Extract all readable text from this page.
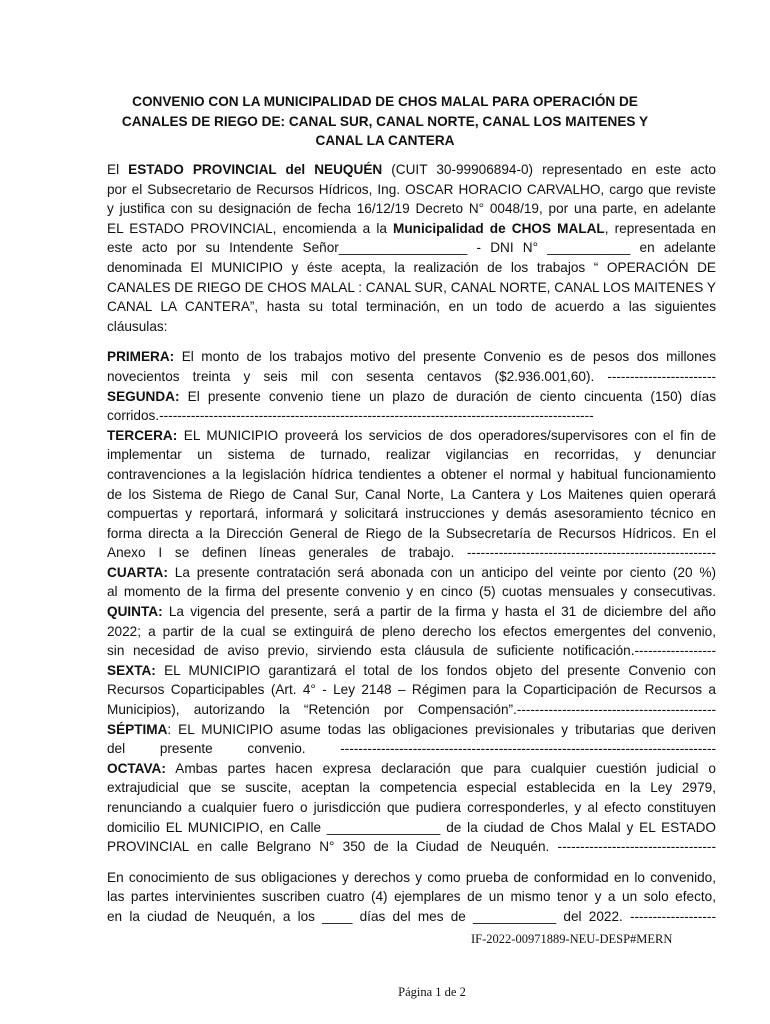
CONVENIO CON LA MUNICIPALIDAD DE CHOS MALAL PARA OPERACIÓN DE
CANALES DE RIEGO DE: CANAL SUR, CANAL NORTE, CANAL LOS MAITENES Y
CANAL LA CANTERA
El ESTADO PROVINCIAL del NEUQUÉN (CUIT 30-99906894-0) representado en este acto
por el Subsecretario de Recursos Hídricos, Ing. OSCAR HORACIO CARVALHO, cargo que reviste
y justifica con su designación de fecha 16/12/19 Decreto N° 0048/19, por una parte, en adelante
EL ESTADO PROVINCIAL, encomienda a la Municipalidad de CHOS MALAL, representada en
este acto por su Intendente Señor_________________ - DNI N° ___________ en adelante
denominada El MUNICIPIO y éste acepta, la realización de los trabajos “ OPERACIÓN DE
CANALES DE RIEGO DE CHOS MALAL : CANAL SUR, CANAL NORTE, CANAL LOS MAITENES Y
CANAL LA CANTERA”, hasta su total terminación, en un todo de acuerdo a las siguientes
cláusulas:
PRIMERA: El monto de los trabajos motivo del presente Convenio es de pesos dos millones
novecientos treinta y seis mil con sesenta centavos ($2.936.001,60). ------------------------
SEGUNDA: El presente convenio tiene un plazo de duración de ciento cincuenta (150) días
corridos.------------------------------------------------------------------------------------------------
TERCERA: EL MUNICIPIO proveerá los servicios de dos operadores/supervisores con el fin de
implementar un sistema de turnado, realizar vigilancias en recorridas, y denunciar
contravenciones a la legislación hídrica tendientes a obtener el normal y habitual funcionamiento
de los Sistema de Riego de Canal Sur, Canal Norte, La Cantera y Los Maitenes quien operará
compuertas y reportará, informará y solicitará instrucciones y demás asesoramiento técnico en
forma directa a la Dirección General de Riego de la Subsecretaría de Recursos Hídricos. En el
Anexo I se definen líneas generales de trabajo. -------------------------------------------------------
CUARTA: La presente contratación será abonada con un anticipo del veinte por ciento (20 %)
al momento de la firma del presente convenio y en cinco (5) cuotas mensuales y consecutivas.
QUINTA: La vigencia del presente, será a partir de la firma y hasta el 31 de diciembre del año
2022; a partir de la cual se extinguirá de pleno derecho los efectos emergentes del convenio,
sin necesidad de aviso previo, sirviendo esta cláusula de suficiente notificación.------------------
SEXTA: EL MUNICIPIO garantizará el total de los fondos objeto del presente Convenio con
Recursos Coparticipables (Art. 4° - Ley 2148 – Régimen para la Coparticipación de Recursos a
Municipios), autorizando la “Retención por Compensación”.--------------------------------------------
SÉPTIMA: EL MUNICIPIO asume todas las obligaciones previsionales y tributarias que deriven
del presente convenio. -----------------------------------------------------------------------------------
OCTAVA: Ambas partes hacen expresa declaración que para cualquier cuestión judicial o
extrajudicial que se suscite, aceptan la competencia especial establecida en la Ley 2979,
renunciando a cualquier fuero o jurisdicción que pudiera corresponderles, y al efecto constituyen
domicilio EL MUNICIPIO, en Calle _______________ de la ciudad de Chos Malal y EL ESTADO
PROVINCIAL en calle Belgrano N° 350 de la Ciudad de Neuquén. -----------------------------------
En conocimiento de sus obligaciones y derechos y como prueba de conformidad en lo convenido,
las partes intervinientes suscriben cuatro (4) ejemplares de un mismo tenor y a un solo efecto,
en la ciudad de Neuquén, a los ____ días del mes de ___________ del 2022. -------------------
IF-2022-00971889-NEU-DESP#MERN
Página 1 de 2
